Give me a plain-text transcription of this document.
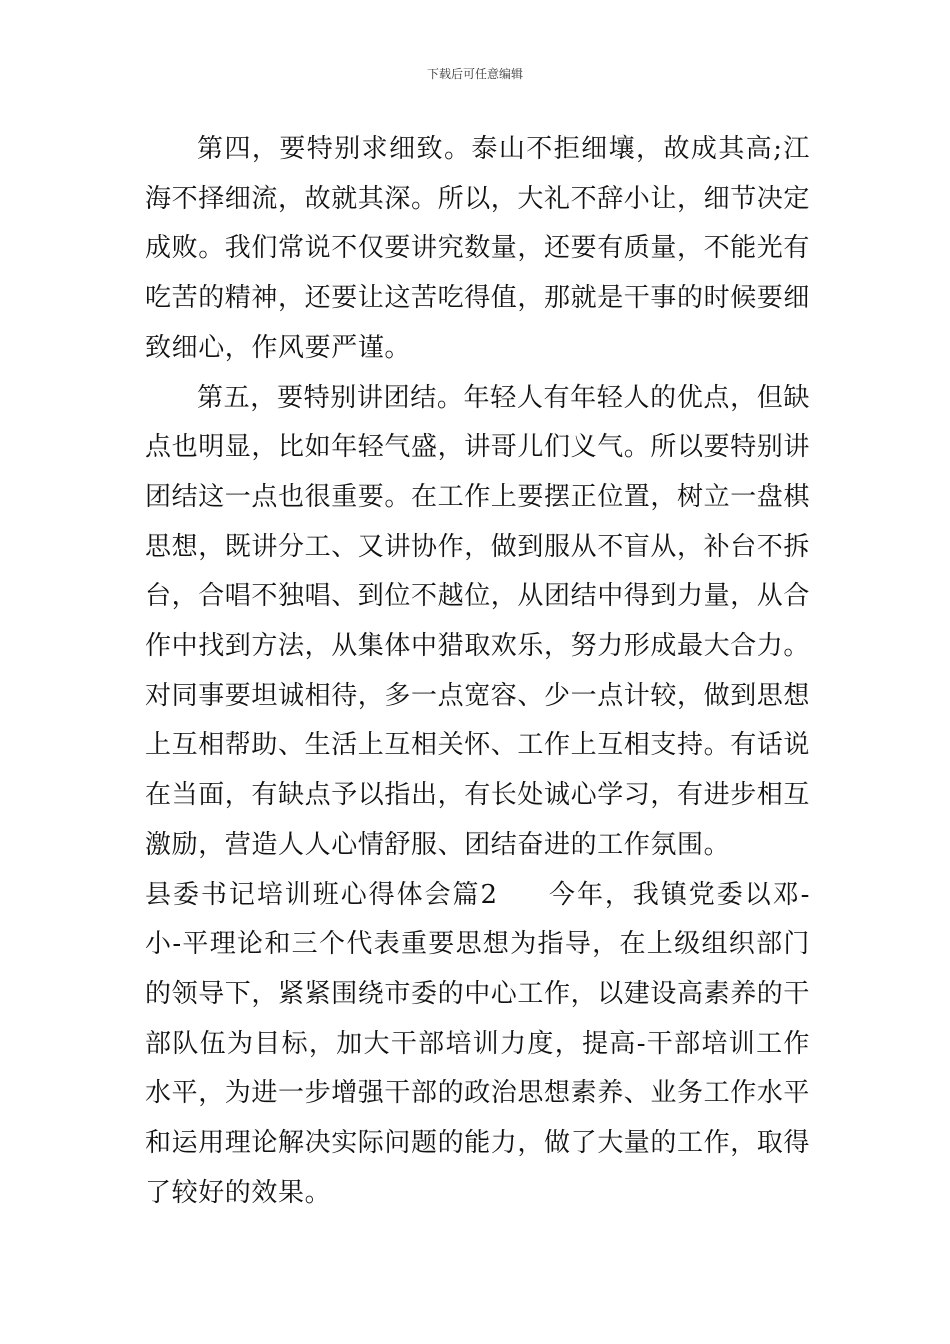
下载后可任意编辑

第四，要特别求细致。泰山不拒细壤，故成其高;江海不择细流，故就其深。所以，大礼不辞小让，细节决定成败。我们常说不仅要讲究数量，还要有质量，不能光有吃苦的精神，还要让这苦吃得值，那就是干事的时候要细致细心，作风要严谨。

第五，要特别讲团结。年轻人有年轻人的优点，但缺点也明显，比如年轻气盛，讲哥儿们义气。所以要特别讲团结这一点也很重要。在工作上要摆正位置，树立一盘棋思想，既讲分工、又讲协作，做到服从不盲从，补台不拆台，合唱不独唱、到位不越位，从团结中得到力量，从合作中找到方法，从集体中猎取欢乐，努力形成最大合力。

对同事要坦诚相待，多一点宽容、少一点计较，做到思想上互相帮助、生活上互相关怀、工作上互相支持。有话说在当面，有缺点予以指出，有长处诚心学习，有进步相互激励，营造人人心情舒服、团结奋进的工作氛围。

县委书记培训班心得体会篇2 今年，我镇党委以邓-小-平理论和三个代表重要思想为指导，在上级组织部门的领导下，紧紧围绕市委的中心工作，以建设高素养的干部队伍为目标，加大干部培训力度，提高-干部培训工作水平，为进一步增强干部的政治思想素养、业务工作水平和运用理论解决实际问题的能力，做了大量的工作，取得了较好的效果。
